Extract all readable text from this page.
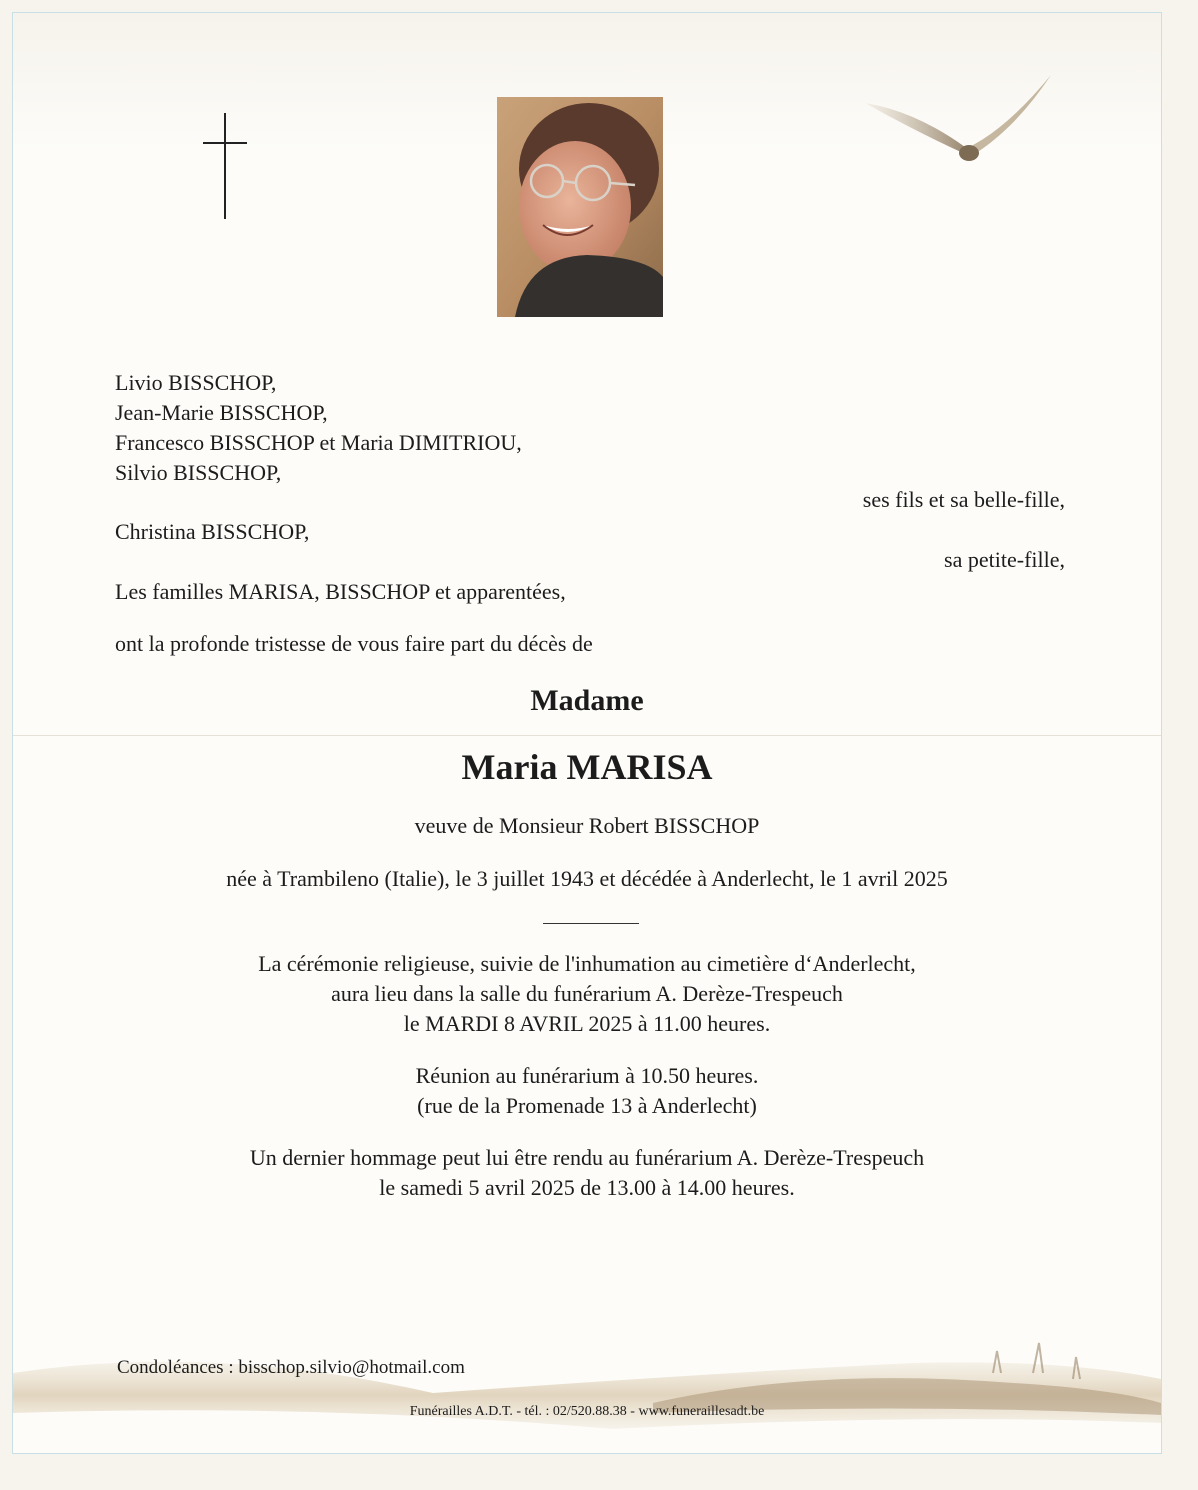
Livio BISSCHOP,
Jean-Marie BISSCHOP,
Francesco BISSCHOP et Maria DIMITRIOU,
Silvio BISSCHOP,
ses fils et sa belle-fille,
Christina BISSCHOP,
sa petite-fille,
Les familles MARISA, BISSCHOP et apparentées,
ont la profonde tristesse de vous faire part du décès de
Madame
Maria MARISA
veuve de Monsieur Robert BISSCHOP
née à Trambileno (Italie), le 3 juillet 1943 et décédée à Anderlecht, le 1 avril 2025
La cérémonie religieuse, suivie de l'inhumation au cimetière d‘Anderlecht,
aura lieu dans la salle du funérarium A. Derèze-Trespeuch
le MARDI 8 AVRIL 2025 à 11.00 heures.
Réunion au funérarium à 10.50 heures.
(rue de la Promenade 13 à Anderlecht)
Un dernier hommage peut lui être rendu au funérarium A. Derèze-Trespeuch
le samedi 5 avril 2025 de 13.00 à 14.00 heures.
Condoléances : bisschop.silvio@hotmail.com
Funérailles A.D.T. - tél. : 02/520.88.38 - www.funeraillesadt.be
